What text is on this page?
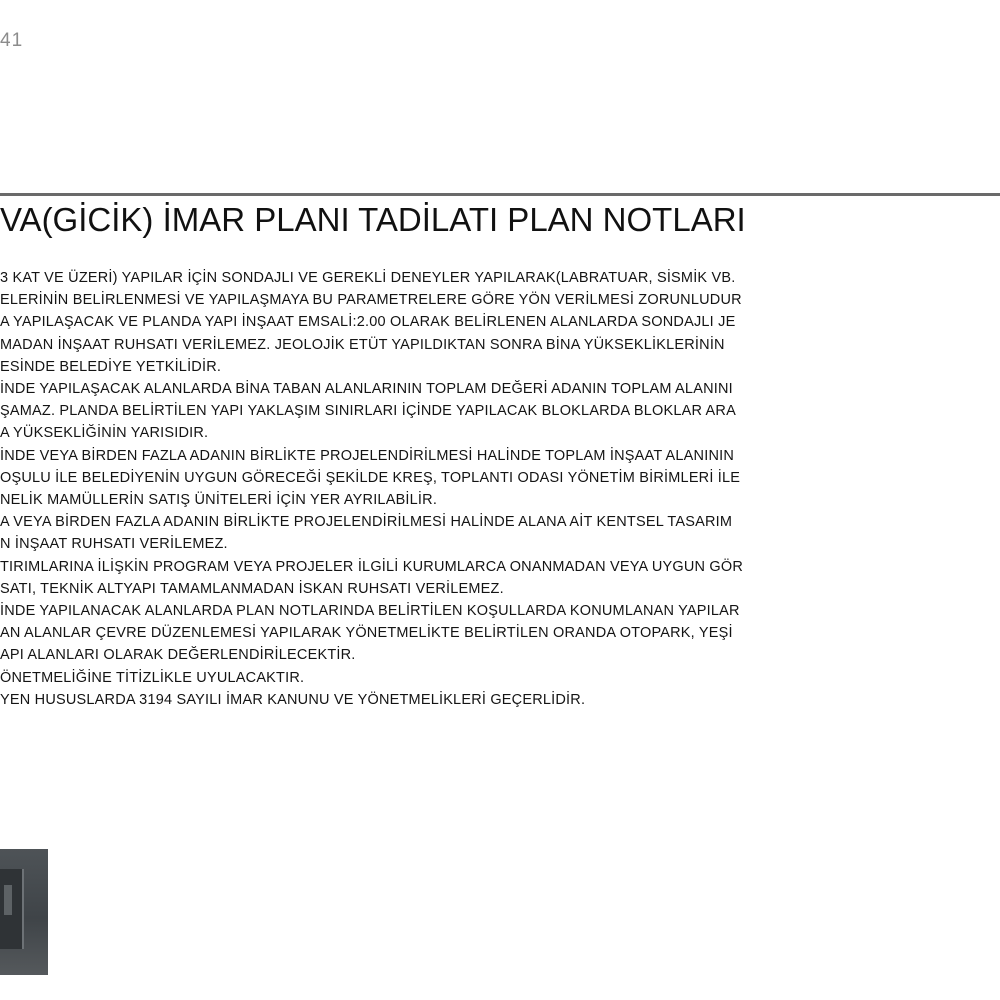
41
VA(GİCİK) İMAR PLANI TADİLATI PLAN NOTLARI
3 KAT VE ÜZERİ) YAPILAR İÇİN SONDAJLI VE GEREKLİ DENEYLER YAPILARAK(LABRATUAR, SİSMİK VB.
ELERİNİN BELİRLENMESİ VE YAPILAŞMAYA BU PARAMETRELERE GÖRE YÖN VERİLMESİ ZORUNLUDUR
A YAPILAŞACAK VE PLANDA YAPI İNŞAAT EMSALİ:2.00 OLARAK BELİRLENEN ALANLARDA SONDAJLI JE
MADAN İNŞAAT RUHSATI VERİLEMEZ. JEOLOJİK ETÜT YAPILDIKTAN SONRA BİNA YÜKSEKLİKLERİNİN
ESİNDE BELEDİYE YETKİLİDİR.
İNDE YAPILAŞACAK ALANLARDA BİNA TABAN ALANLARININ TOPLAM DEĞERİ ADANIN TOPLAM ALANINI
ŞAMAZ. PLANDA BELİRTİLEN YAPI YAKLAŞIM SINIRLARI İÇİNDE YAPILACAK BLOKLARDA BLOKLAR ARA
A YÜKSEKLİĞİNİN YARISIDIR.
İNDE VEYA BİRDEN FAZLA ADANIN BİRLİKTE PROJELENDİRİLMESİ HALİNDE TOPLAM İNŞAAT ALANININ
OŞULU İLE BELEDİYENİN UYGUN GÖRECEĞİ ŞEKİLDE KREŞ, TOPLANTI ODASI YÖNETİM BİRİMLERİ İLE
NELİK MAMÜLLERİN SATIŞ ÜNİTELERİ İÇİN YER AYRILABİLİR.
A VEYA BİRDEN FAZLA ADANIN BİRLİKTE PROJELENDİRİLMESİ HALİNDE ALANA AİT KENTSEL TASARIM
N İNŞAAT RUHSATI VERİLEMEZ.
TIRIMLARINA İLİŞKİN PROGRAM VEYA PROJELER İLGİLİ KURUMLARCA ONANMADAN VEYA UYGUN GÖR
SATI, TEKNİK ALTYAPI TAMAMLANMADAN İSKAN RUHSATI VERİLEMEZ.
İNDE YAPILANACAK ALANLARDA PLAN NOTLARINDA BELİRTİLEN KOŞULLARDA KONUMLANAN YAPILAR
AN ALANLAR ÇEVRE DÜZENLEMESİ YAPILARAK YÖNETMELİKTE BELİRTİLEN ORANDA OTOPARK, YEŞİ
API ALANLARI OLARAK DEĞERLENDİRİLECEKTİR.
ÖNETMELİĞİNE TİTİZLİKLE UYULACAKTIR.
YEN HUSUSLARDA 3194 SAYILI İMAR KANUNU VE YÖNETMELİKLERİ GEÇERLİDİR.
